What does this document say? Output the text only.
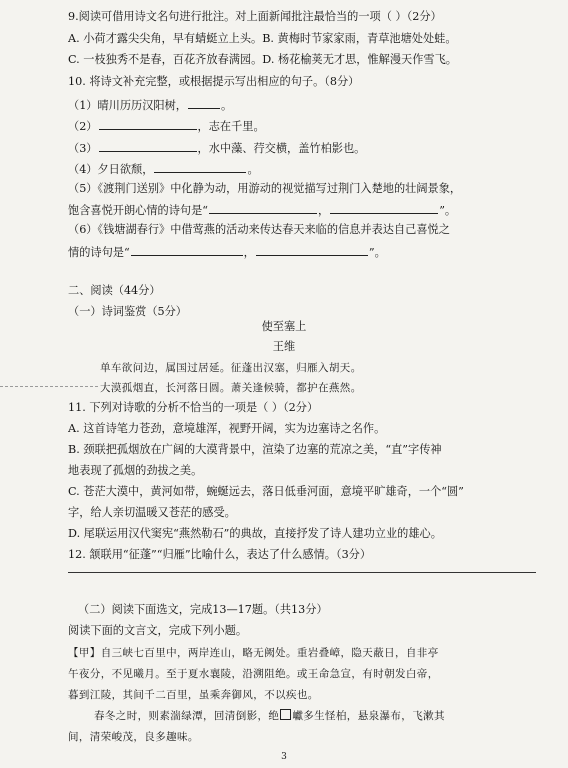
9.阅读可借用诗文名句进行批注。对上面新闻批注最恰当的一项（ ）（2分）
A. 小荷才露尖尖角，早有蜻蜓立上头。B. 黄梅时节家家雨，青草池塘处处蛙。
C. 一枝独秀不是春，百花齐放春满园。D. 杨花榆荚无才思，惟解漫天作雪飞。
10. 将诗文补充完整，或根据提示写出相应的句子。（8分）
（1）晴川历历汉阳树，	。
（2）	，志在千里。
（3）	，水中藻、荇交横，盖竹柏影也。
（4）夕日欲颓，	。
（5）《渡荆门送别》中化静为动，用游动的视觉描写过荆门入楚地的壮阔景象，
饱含喜悦开朗心情的诗句是“	，	”。
（6）《钱塘湖春行》中借莺燕的活动来传达春天来临的信息并表达自己喜悦之
情的诗句是“	，	”。
二、阅读（44分）
（一）诗词鉴赏（5分）
使至塞上
王维
单车欲问边，属国过居延。征蓬出汉塞，归雁入胡天。
大漠孤烟直，长河落日圆。萧关逢候骑，都护在燕然。
11. 下列对诗歌的分析不恰当的一项是（ ）（2分）
A. 这首诗笔力苍劲，意境雄浑，视野开阔，实为边塞诗之名作。
B. 颈联把孤烟放在广阔的大漠背景中，渲染了边塞的荒凉之美，“直”字传神
地表现了孤烟的劲拔之美。
C. 苍茫大漠中，黄河如带，蜿蜒远去，落日低垂河面，意境平旷雄奇，一个“圆”
字，给人亲切温暖又苍茫的感受。
D. 尾联运用汉代窦宪“燕然勒石”的典故，直接抒发了诗人建功立业的雄心。
12. 颔联用“征蓬”“归雁”比喻什么，表达了什么感情。（3分）
（二）阅读下面选文，完成13—17题。（共13分）
阅读下面的文言文，完成下列小题。
【甲】自三峡七百里中，两岸连山，略无阙处。重岩叠嶂，隐天蔽日，自非亭
午夜分，不见曦月。至于夏水襄陵，沿溯阻绝。或王命急宣，有时朝发白帝，
暮到江陵，其间千二百里，虽乘奔御风，不以疾也。
春冬之时，则素湍绿潭，回清倒影，绝 巘多生怪柏，悬泉瀑布，飞漱其
间，清荣峻茂，良多趣味。
3
